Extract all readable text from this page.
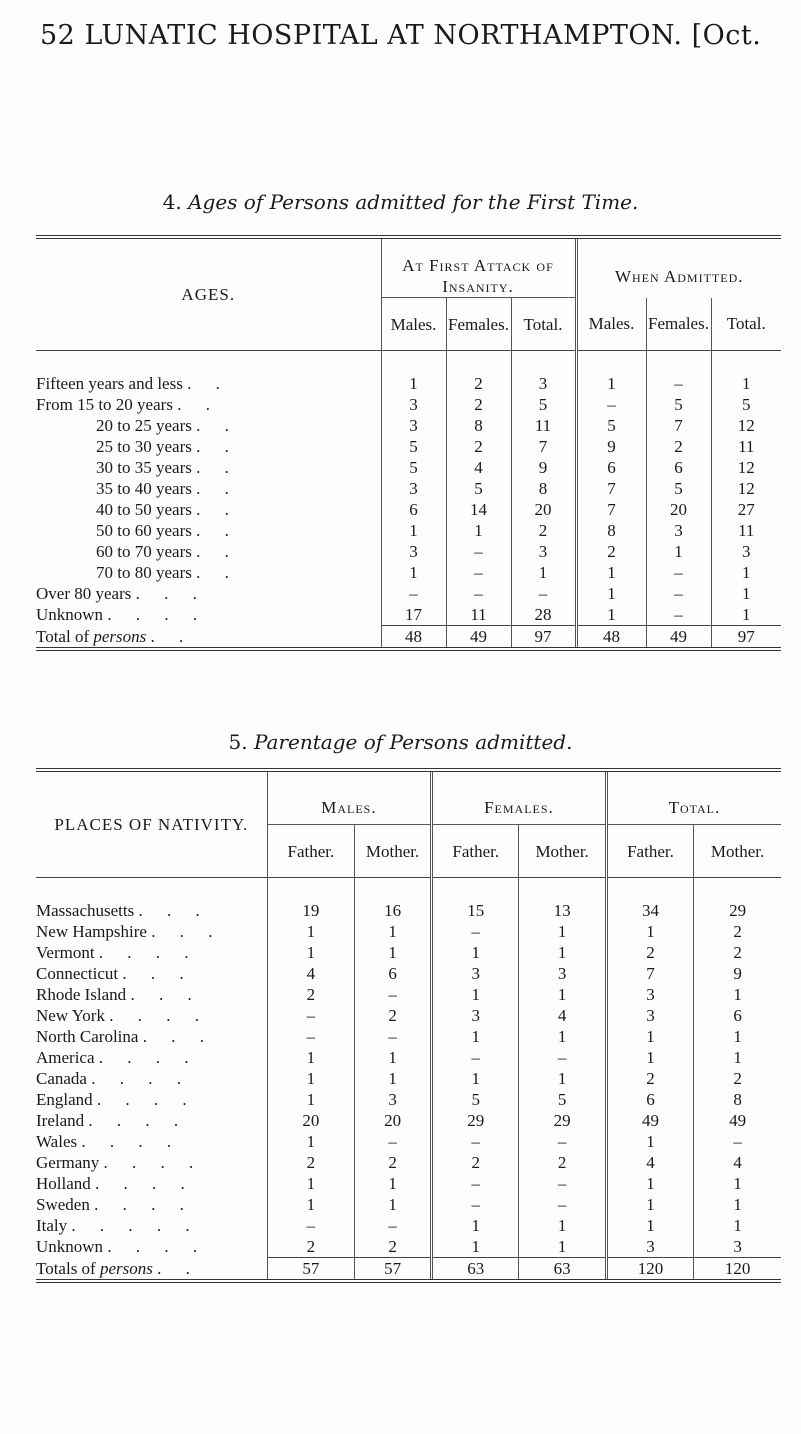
52 LUNATIC HOSPITAL AT NORTHAMPTON. [Oct.
4. Ages of Persons admitted for the First Time.

AGES.	At First Attack of Insanity.			When Admitted.		
	Males.	Females.	Total.	Males.	Females.	Total.

Fifteen years and less . .	1	2	3	1	–	1
From 15 to 20 years . .	3	2	5	–	5	5
20 to 25 years . .	3	8	11	5	7	12
25 to 30 years . .	5	2	7	9	2	11
30 to 35 years . .	5	4	9	6	6	12
35 to 40 years . .	3	5	8	7	5	12
40 to 50 years . .	6	14	20	7	20	27
50 to 60 years . .	1	1	2	8	3	11
60 to 70 years . .	3	–	3	2	1	3
70 to 80 years . .	1	–	1	1	–	1
Over 80 years . . .	–	–	–	1	–	1
Unknown . . . .	17	11	28	1	–	1
Total of persons . .	48	49	97	48	49	97

5. Parentage of Persons admitted.

PLACES OF NATIVITY.	Males.		Females.		Total.	
	Father.	Mother.	Father.	Mother.	Father.	Mother.

Massachusetts . . .	19	16	15	13	34	29
New Hampshire . . .	1	1	–	1	1	2
Vermont . . . .	1	1	1	1	2	2
Connecticut . . .	4	6	3	3	7	9
Rhode Island . . .	2	–	1	1	3	1
New York . . . .	–	2	3	4	3	6
North Carolina . . .	–	–	1	1	1	1
America . . . .	1	1	–	–	1	1
Canada . . . .	1	1	1	1	2	2
England . . . .	1	3	5	5	6	8
Ireland . . . .	20	20	29	29	49	49
Wales . . . .	1	–	–	–	1	–
Germany . . . .	2	2	2	2	4	4
Holland . . . .	1	1	–	–	1	1
Sweden . . . .	1	1	–	–	1	1
Italy . . . . .	–	–	1	1	1	1
Unknown . . . .	2	2	1	1	3	3
Totals of persons . .	57	57	63	63	120	120
